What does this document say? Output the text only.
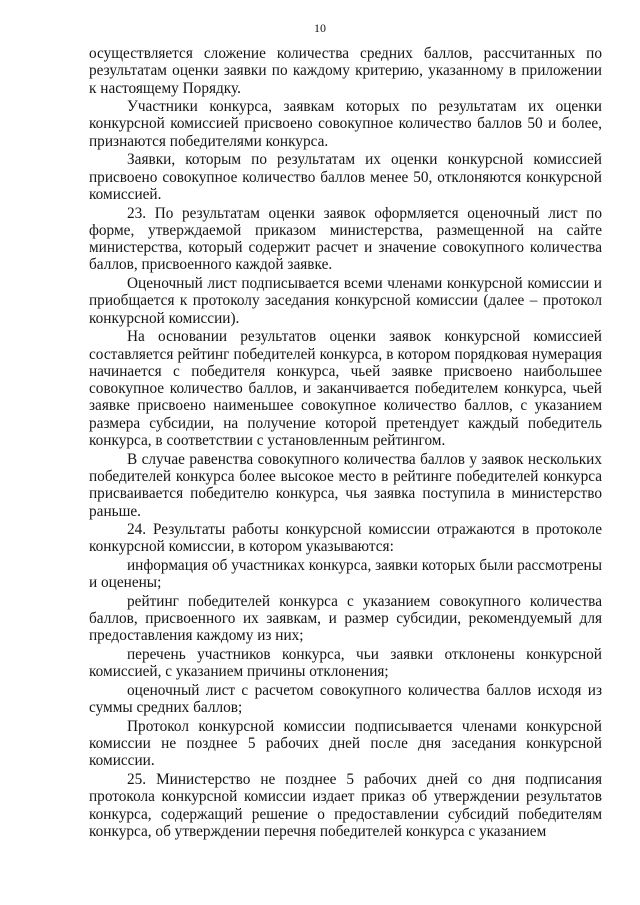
10

осуществляется сложение количества средних баллов, рассчитанных по результатам оценки заявки по каждому критерию, указанному в приложении к настоящему Порядку.

Участники конкурса, заявкам которых по результатам их оценки конкурсной комиссией присвоено совокупное количество баллов 50 и более, признаются победителями конкурса.

Заявки, которым по результатам их оценки конкурсной комиссией присвоено совокупное количество баллов менее 50, отклоняются конкурсной комиссией.

23. По результатам оценки заявок оформляется оценочный лист по форме, утверждаемой приказом министерства, размещенной на сайте министерства, который содержит расчет и значение совокупного количества баллов, присвоенного каждой заявке.

Оценочный лист подписывается всеми членами конкурсной комиссии и приобщается к протоколу заседания конкурсной комиссии (далее – протокол конкурсной комиссии).

На основании результатов оценки заявок конкурсной комиссией составляется рейтинг победителей конкурса, в котором порядковая нумерация начинается с победителя конкурса, чьей заявке присвоено наибольшее совокупное количество баллов, и заканчивается победителем конкурса, чьей заявке присвоено наименьшее совокупное количество баллов, с указанием размера субсидии, на получение которой претендует каждый победитель конкурса, в соответствии с установленным рейтингом.

В случае равенства совокупного количества баллов у заявок нескольких победителей конкурса более высокое место в рейтинге победителей конкурса присваивается победителю конкурса, чья заявка поступила в министерство раньше.

24. Результаты работы конкурсной комиссии отражаются в протоколе конкурсной комиссии, в котором указываются:

информация об участниках конкурса, заявки которых были рассмотрены и оценены;

рейтинг победителей конкурса с указанием совокупного количества баллов, присвоенного их заявкам, и размер субсидии, рекомендуемый для предоставления каждому из них;

перечень участников конкурса, чьи заявки отклонены конкурсной комиссией, с указанием причины отклонения;

оценочный лист с расчетом совокупного количества баллов исходя из суммы средних баллов;

Протокол конкурсной комиссии подписывается членами конкурсной комиссии не позднее 5 рабочих дней после дня заседания конкурсной комиссии.

25. Министерство не позднее 5 рабочих дней со дня подписания протокола конкурсной комиссии издает приказ об утверждении результатов конкурса, содержащий решение о предоставлении субсидий победителям конкурса, об утверждении перечня победителей конкурса с указанием
